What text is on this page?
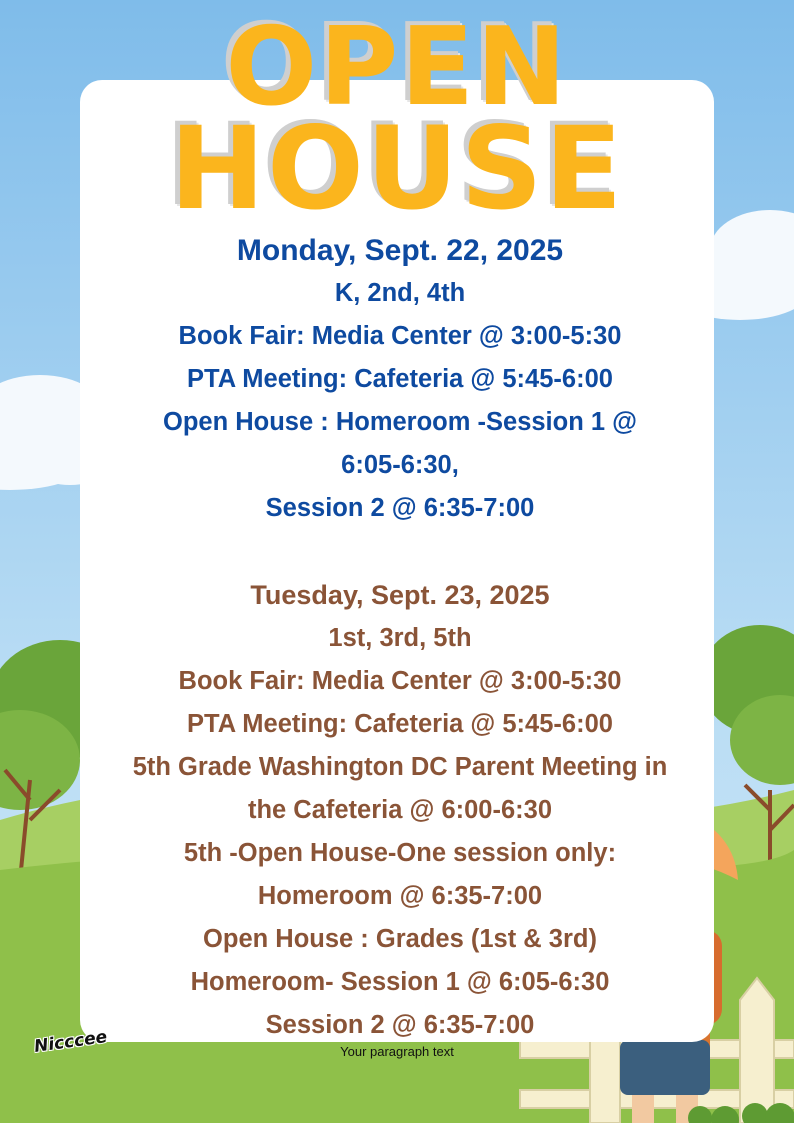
OPEN
HOUSE
Monday, Sept. 22, 2025
K, 2nd, 4th
Book Fair: Media Center @ 3:00-5:30
PTA Meeting: Cafeteria @ 5:45-6:00
Open House : Homeroom -Session 1 @
6:05-6:30,
Session 2 @ 6:35-7:00
Tuesday, Sept. 23, 2025
1st, 3rd, 5th
Book Fair: Media Center @ 3:00-5:30
PTA Meeting: Cafeteria @ 5:45-6:00
5th Grade Washington DC Parent Meeting in
the Cafeteria @ 6:00-6:30
5th -Open House-One session only:
Homeroom @ 6:35-7:00
Open House : Grades (1st & 3rd)
Homeroom- Session 1 @ 6:05-6:30
Session 2 @ 6:35-7:00
Nicccee	Your paragraph text
